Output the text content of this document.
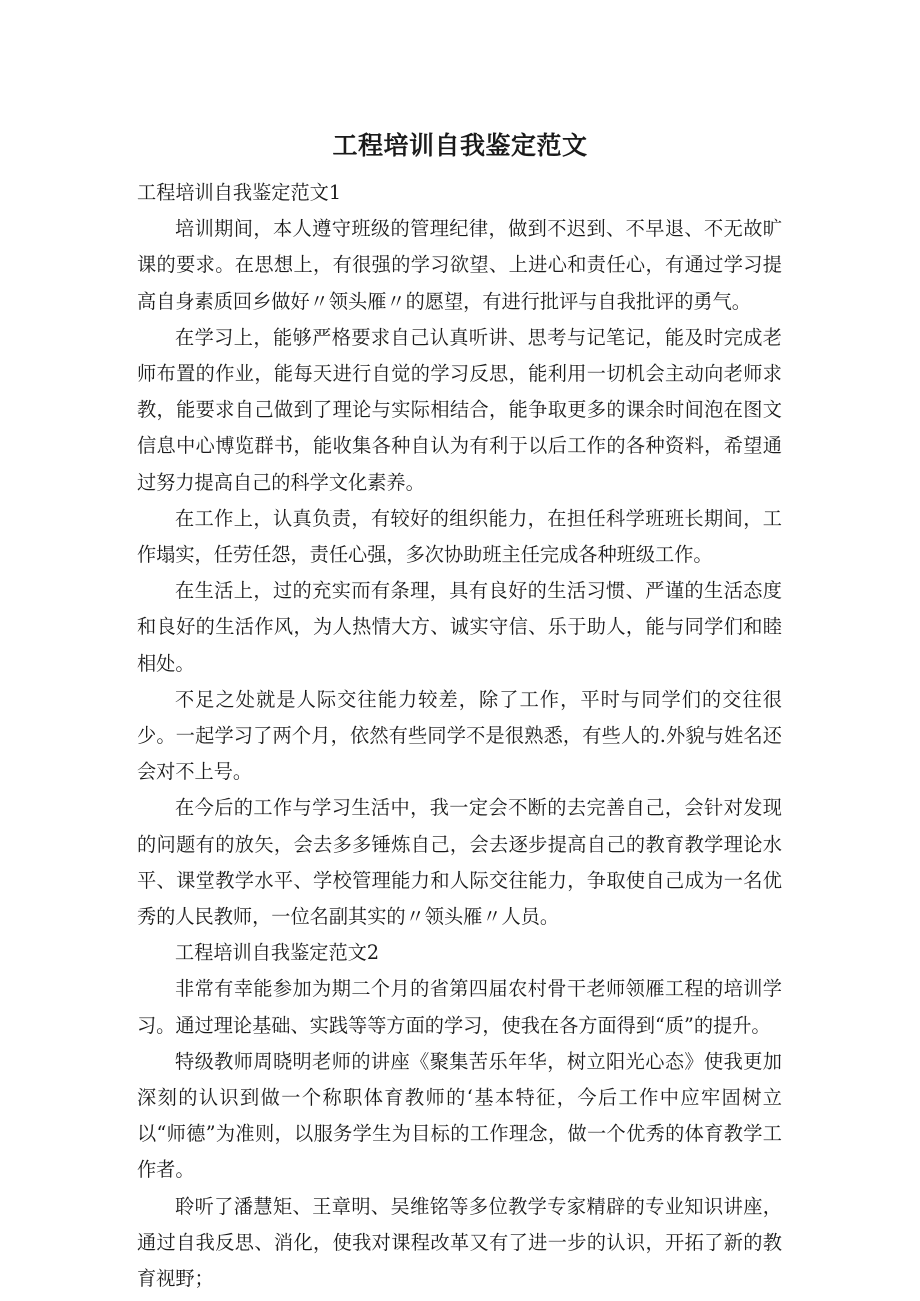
工程培训自我鉴定范文

工程培训自我鉴定范文1

培训期间，本人遵守班级的管理纪律，做到不迟到、不早退、不无故旷课的要求。在思想上，有很强的学习欲望、上进心和责任心，有通过学习提高自身素质回乡做好〃领头雁〃的愿望，有进行批评与自我批评的勇气。

在学习上，能够严格要求自己认真听讲、思考与记笔记，能及时完成老师布置的作业，能每天进行自觉的学习反思，能利用一切机会主动向老师求教，能要求自己做到了理论与实际相结合，能争取更多的课余时间泡在图文信息中心博览群书，能收集各种自认为有利于以后工作的各种资料，希望通过努力提高自己的科学文化素养。

在工作上，认真负责，有较好的组织能力，在担任科学班班长期间，工作塌实，任劳任怨，责任心强，多次协助班主任完成各种班级工作。

在生活上，过的充实而有条理，具有良好的生活习惯、严谨的生活态度和良好的生活作风，为人热情大方、诚实守信、乐于助人，能与同学们和睦相处。

不足之处就是人际交往能力较差，除了工作，平时与同学们的交往很少。一起学习了两个月，依然有些同学不是很熟悉，有些人的.外貌与姓名还会对不上号。

在今后的工作与学习生活中，我一定会不断的去完善自己，会针对发现的问题有的放矢，会去多多锤炼自己，会去逐步提高自己的教育教学理论水平、课堂教学水平、学校管理能力和人际交往能力，争取使自己成为一名优秀的人民教师，一位名副其实的〃领头雁〃人员。

工程培训自我鉴定范文2

非常有幸能参加为期二个月的省第四届农村骨干老师领雁工程的培训学习。通过理论基础、实践等等方面的学习，使我在各方面得到“质”的提升。

特级教师周晓明老师的讲座《聚集苦乐年华，树立阳光心态》使我更加深刻的认识到做一个称职体育教师的‘基本特征，今后工作中应牢固树立以“师德”为准则，以服务学生为目标的工作理念，做一个优秀的体育教学工作者。

聆听了潘慧矩、王章明、吴维铭等多位教学专家精辟的专业知识讲座，通过自我反思、消化，使我对课程改革又有了进一步的认识，开拓了新的教育视野；
